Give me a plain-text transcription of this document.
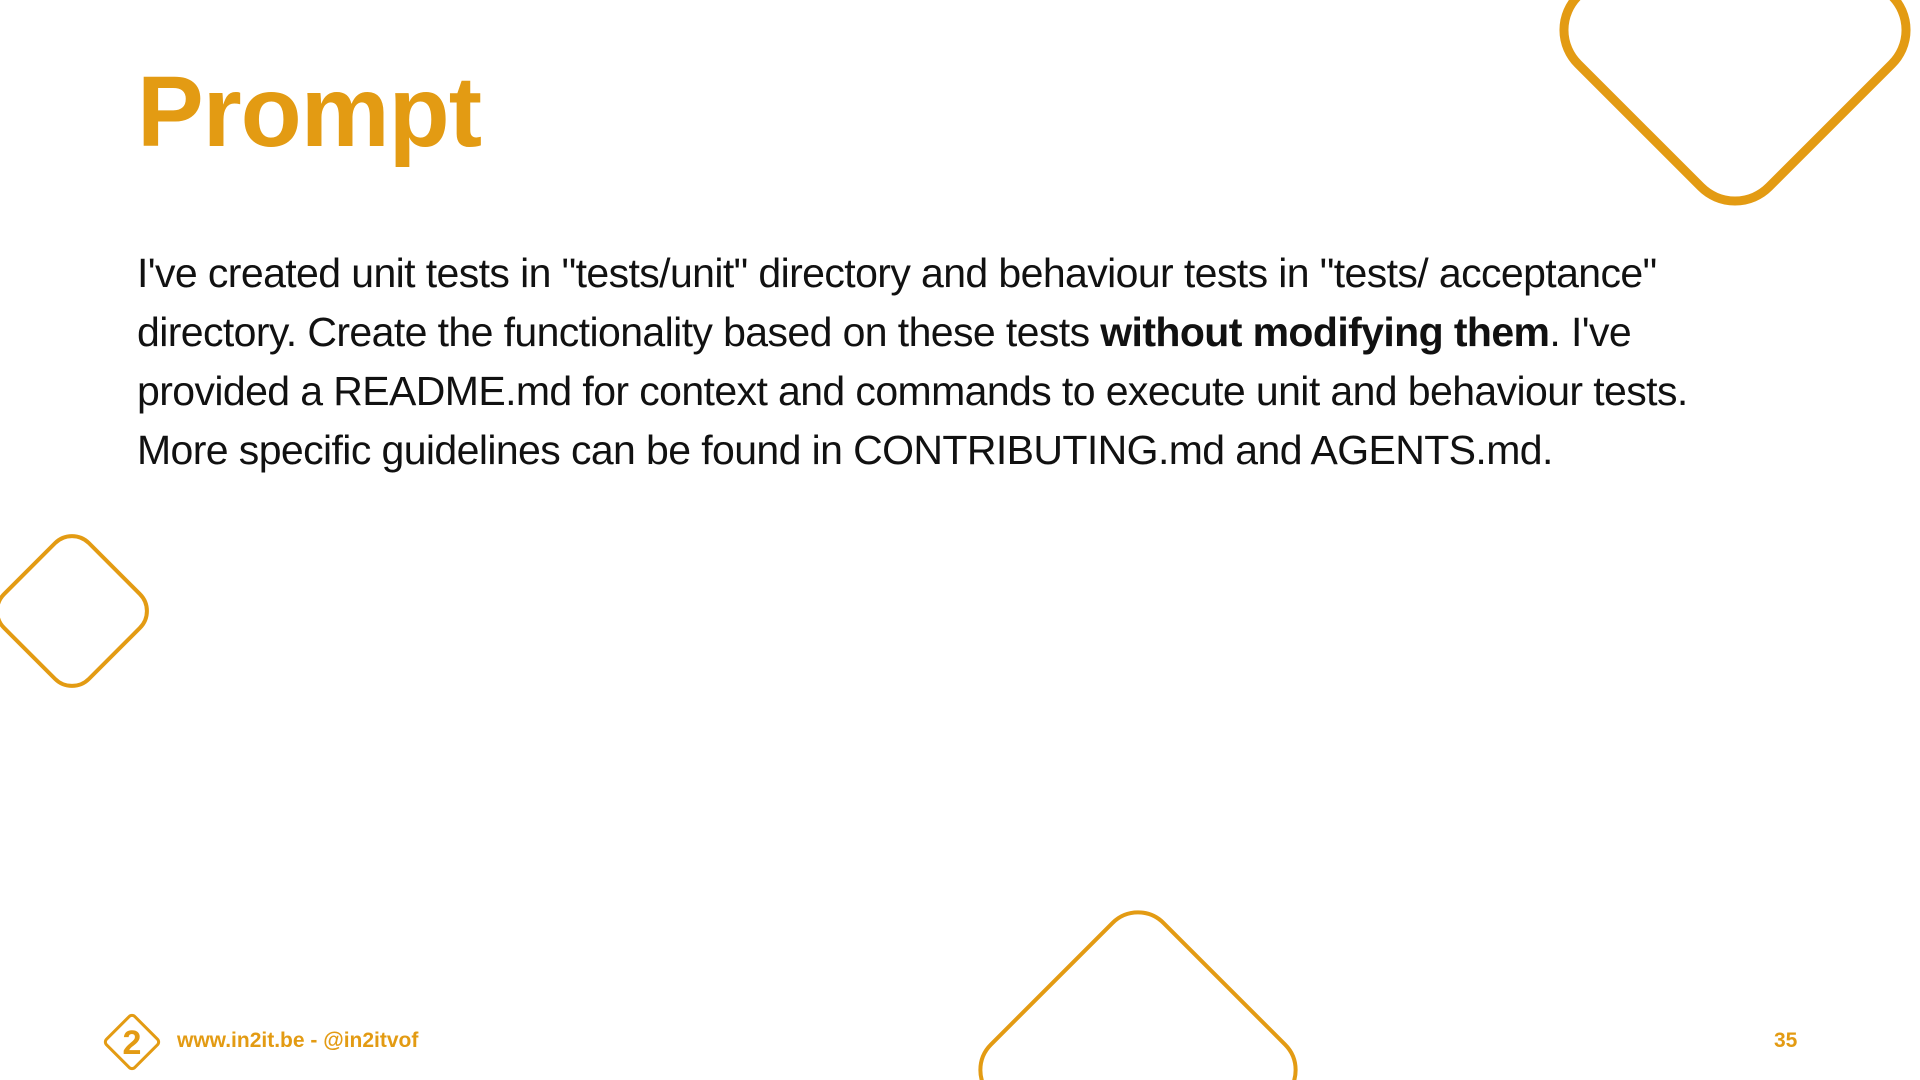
Prompt

I've created unit tests in "tests/unit" directory and behaviour tests in "tests/ acceptance" directory. Create the functionality based on these tests without modifying them. I've provided a README.md for context and commands to execute unit and behaviour tests. More specific guidelines can be found in CONTRIBUTING.md and AGENTS.md.

2 www.in2it.be - @in2itvof	35
